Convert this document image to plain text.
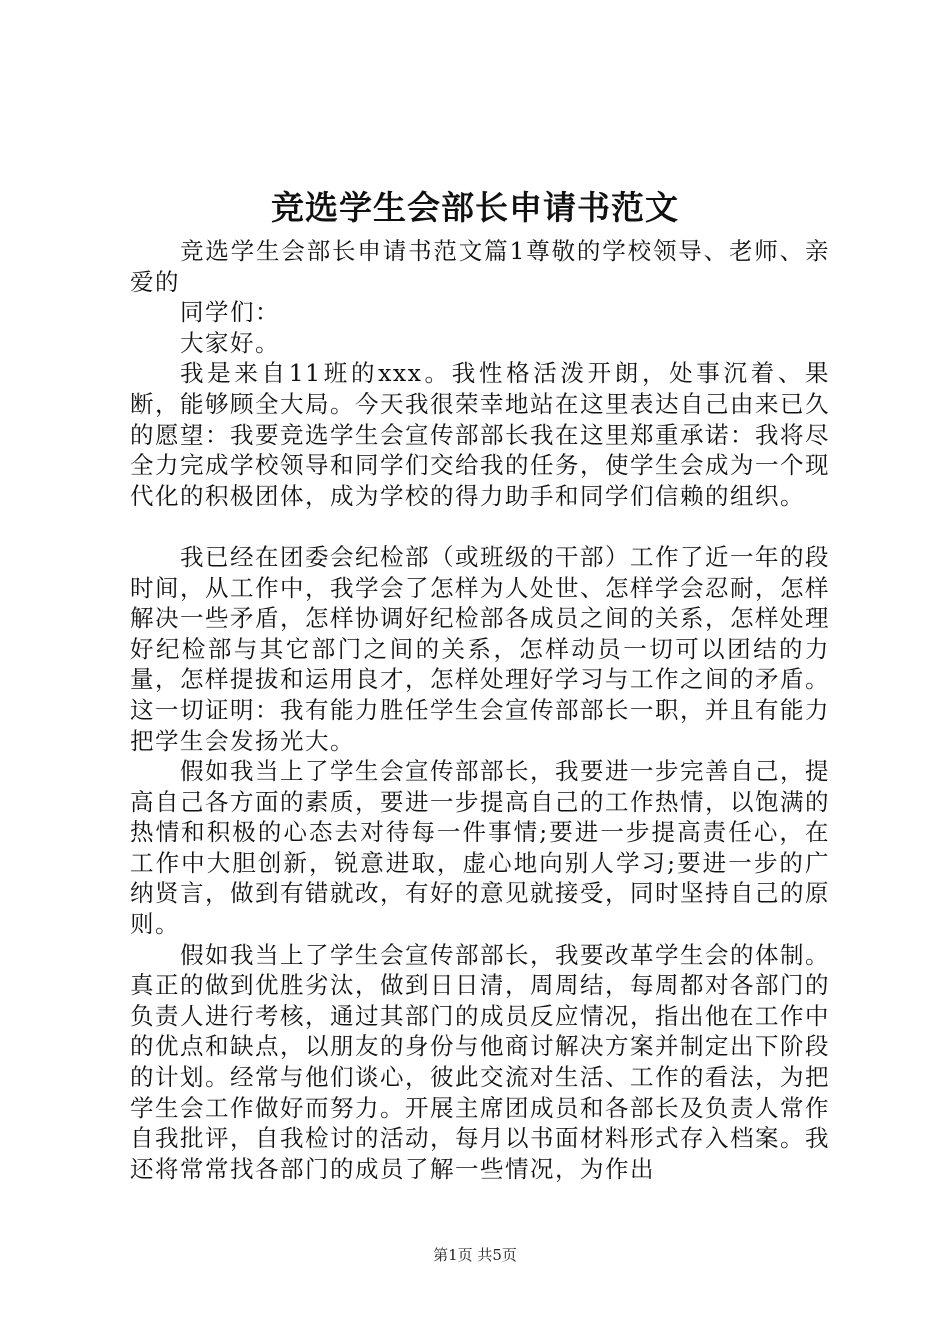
竞选学生会部长申请书范文

竞选学生会部长申请书范文篇1尊敬的学校领导、老师、亲爱的

同学们：

大家好。

我是来自11班的xxx。我性格活泼开朗，处事沉着、果断，能够顾全大局。今天我很荣幸地站在这里表达自己由来已久的愿望：我要竞选学生会宣传部部长我在这里郑重承诺：我将尽全力完成学校领导和同学们交给我的任务，使学生会成为一个现代化的积极团体，成为学校的得力助手和同学们信赖的组织。

我已经在团委会纪检部（或班级的干部）工作了近一年的段时间，从工作中，我学会了怎样为人处世、怎样学会忍耐，怎样解决一些矛盾，怎样协调好纪检部各成员之间的关系，怎样处理好纪检部与其它部门之间的关系，怎样动员一切可以团结的力量，怎样提拔和运用良才，怎样处理好学习与工作之间的矛盾。这一切证明：我有能力胜任学生会宣传部部长一职，并且有能力把学生会发扬光大。

假如我当上了学生会宣传部部长，我要进一步完善自己，提高自己各方面的素质，要进一步提高自己的工作热情，以饱满的热情和积极的心态去对待每一件事情;要进一步提高责任心，在工作中大胆创新，锐意进取，虚心地向别人学习;要进一步的广纳贤言，做到有错就改，有好的意见就接受，同时坚持自己的原则。

假如我当上了学生会宣传部部长，我要改革学生会的体制。真正的做到优胜劣汰，做到日日清，周周结，每周都对各部门的负责人进行考核，通过其部门的成员反应情况，指出他在工作中的优点和缺点，以朋友的身份与他商讨解决方案并制定出下阶段的计划。经常与他们谈心，彼此交流对生活、工作的看法，为把学生会工作做好而努力。开展主席团成员和各部长及负责人常作自我批评，自我检讨的活动，每月以书面材料形式存入档案。我还将常常找各部门的成员了解一些情况，为作出

第1页 共5页
